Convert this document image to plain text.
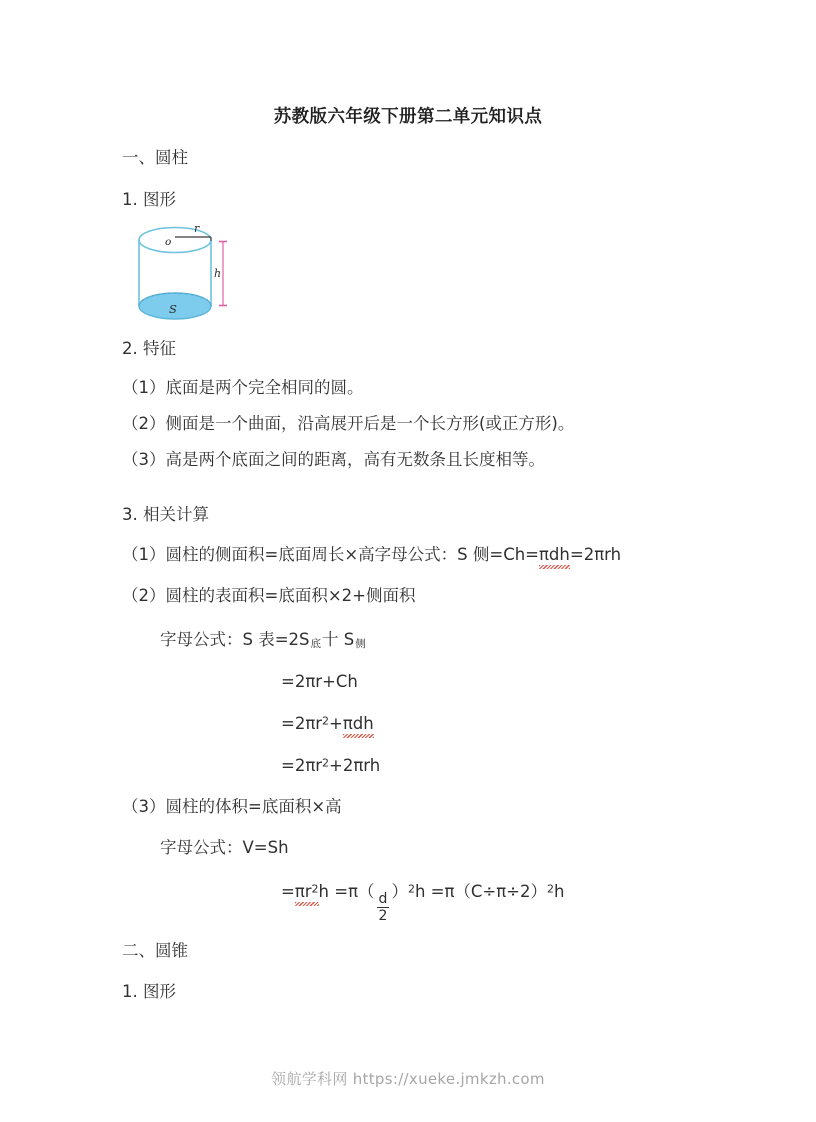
苏教版六年级下册第二单元知识点
一、圆柱
1. 图形
r
o
S
h
2. 特征
（1）底面是两个完全相同的圆。
（2）侧面是一个曲面，沿高展开后是一个长方形(或正方形)。
（3）高是两个底面之间的距离，高有无数条且长度相等。
3. 相关计算
（1）圆柱的侧面积=底面周长×高字母公式：S 侧=Ch=πdh=2πrh
（2）圆柱的表面积=底面积×2+侧面积
字母公式：S 表=2S底十 S侧
=2πr+Ch
$=2\pi r^2+\pi dh$
$=2\pi r^2+2\pi rh$
（3）圆柱的体积=底面积×高
字母公式：V=Sh
$=\pi r^2h =\pi$（
$\frac{d}{2}$
）$^2h =\pi(C\div\pi\div 2)^2h$
二、圆锥
1. 图形
领航学科网 https://xueke.jmkzh.com
